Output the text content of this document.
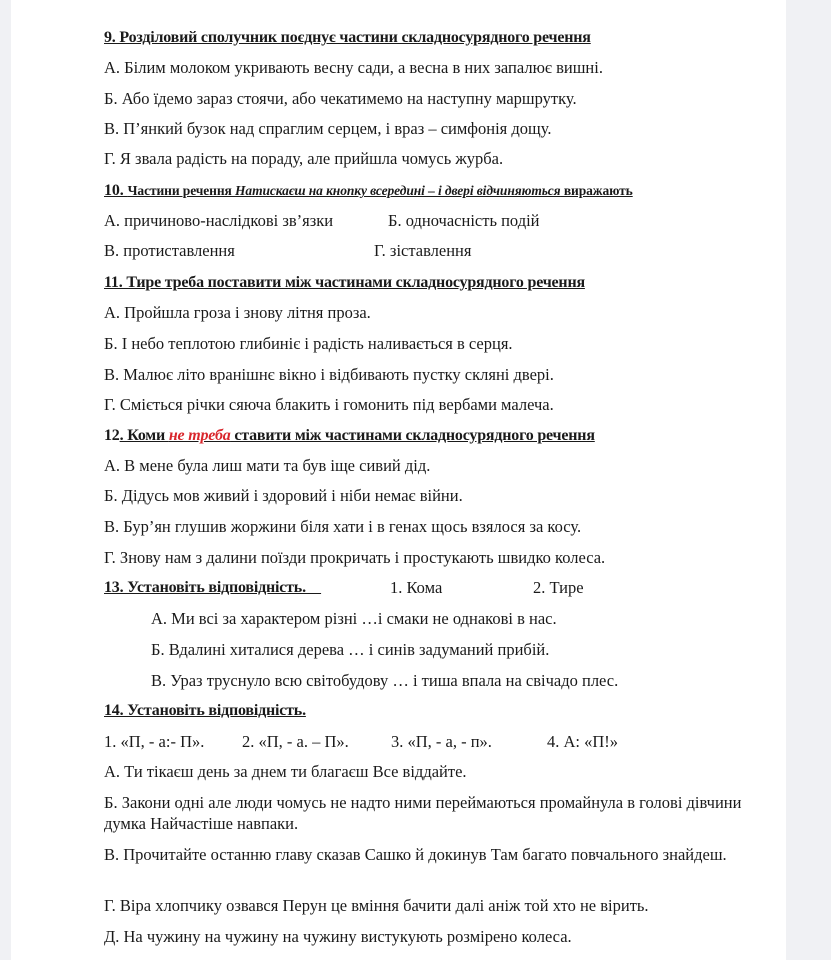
9. Розділовий сполучник поєднує частини складносурядного речення
А. Білим молоком укривають весну сади, а весна в них запалює вишні.
Б. Або їдемо зараз стоячи, або чекатимемо на наступну маршрутку.
В. П’янкий бузок над спраглим серцем, і враз – симфонія дощу.
Г. Я звала радість на пораду, але прийшла чомусь журба.
10. Частини речення Натискаєш на кнопку всередині – і двері відчиняються виражають
А. причиново-наслідкові зв’язки	Б. одночасність подій
В. протиставлення	Г. зіставлення
11. Тире треба поставити між частинами складносурядного речення
А. Пройшла гроза і знову літня проза.
Б. І небо теплотою глибиніє і радість наливається в серця.
В. Малює літо вранішнє вікно і відбивають пустку скляні двері.
Г. Сміється річки сяюча блакить і гомонить під вербами малеча.
12. Коми не треба ставити між частинами складносурядного речення
А. В мене була лиш мати та був іще сивий дід.
Б. Дідусь мов живий і здоровий і ніби немає війни.
В. Бур’ян глушив жоржини біля хати і в генах щось взялося за косу.
Г. Знову нам з далини поїзди прокричать і простукають швидко колеса.
13. Установіть відповідність.	1. Кома	2. Тире
А. Ми всі за характером різні …і смаки не однакові в нас.
Б. Вдалині хиталися дерева … і синів задуманий прибій.
В. Ураз труснуло всю світобудову … і тиша впала на свічадо плес.
14. Установіть відповідність.
1. «П, - а:- П». 2. «П, - а. – П».	3. «П, - а, - п».	4. А: «П!»
А. Ти тікаєш день за днем ти благаєш Все віддайте.
Б. Закони одні але люди чомусь не надто ними переймаються промайнула в голові дівчини думка Найчастіше навпаки.
В. Прочитайте останню главу сказав Сашко й докинув Там багато повчального знайдеш.
Г. Віра хлопчику озвався Перун це вміння бачити далі аніж той хто не вірить.
Д. На чужину на чужину на чужину вистукують розмірено колеса.
